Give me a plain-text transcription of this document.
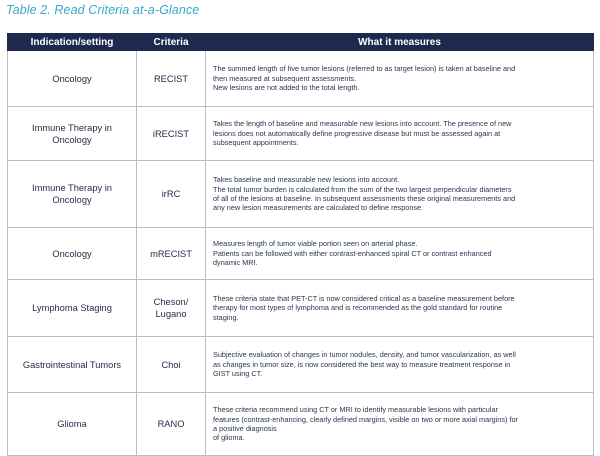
Table 2. Read Criteria at-a-Glance
Indication/setting	Criteria	What it measures

Oncology	RECIST	The summed length of five tumor lesions (referred to as target lesion) is taken at baseline and
then measured at subsequent assessments.
New lesions are not added to the total length.

Immune Therapy in
Oncology	iRECIST	Takes the length of baseline and measurable new lesions into account. The presence of new
lesions does not automatically define progressive disease but must be assessed again at
subsequent appointments.

Immune Therapy in
Oncology	irRC	Takes baseline and measurable new lesions into account.
The total tumor burden is calculated from the sum of the two largest perpendicular diameters
of all of the lesions at baseline. In subsequent assessments these original measurements and
any new lesion measurements are calculated to define response.

Oncology	mRECIST	Measures length of tumor viable portion seen on arterial phase.
Patients can be followed with either contrast-enhanced spiral CT or contrast enhanced
dynamic MRI.

Lymphoma Staging	Cheson/
Lugano	These criteria state that PET-CT is now considered critical as a baseline measurement before
therapy for most types of lymphoma and is recommended as the gold standard for routine
staging.

Gastrointestinal Tumors	Choi	Subjective evaluation of changes in tumor nodules, density, and tumor vascularization, as well
as changes in tumor size, is now considered the best way to measure treatment response in
GIST using CT.

Glioma	RANO	These criteria recommend using CT or MRI to identify measurable lesions with particular
features (contrast-enhancing, clearly defined margins, visible on two or more axial margins) for
a positive diagnosis
of glioma.
